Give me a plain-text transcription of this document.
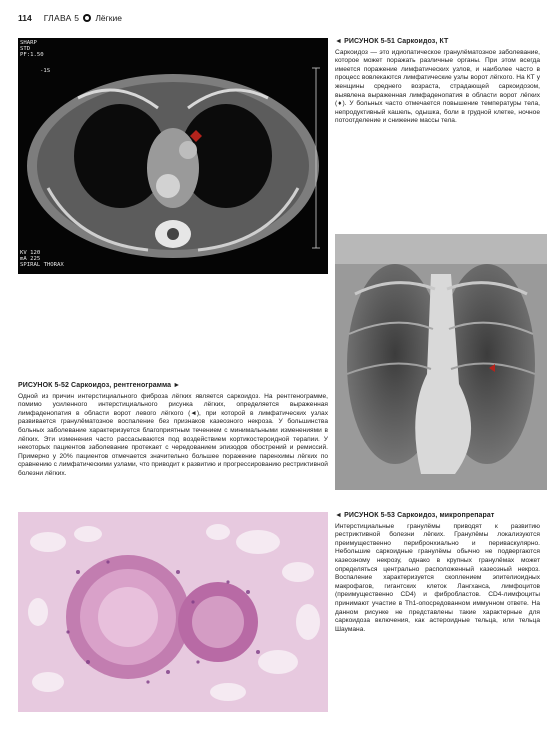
114 ГЛАВА 5 Лёгкие
SHARP
STD
PF:1.50
-1S
KV 120
mA 225
SPIRAL THORAX
◄ РИСУНОК 5-51 Саркоидоз, КТ

Саркоидоз — это идиопатическое гранулёматозное заболевание, которое может поражать различные органы. При этом всегда имеется поражение лимфатических узлов, и наиболее часто в процесс вовлекаются лимфатические узлы ворот лёгкого. На КТ у женщины среднего возраста, страдающей саркоидозом, выявлена выраженная лимфаденопатия в области ворот лёгких (♦). У больных часто отмечается повышение температуры тела, непродуктивный кашель, одышка, боли в грудной клетке, ночное потоотделение и снижение массы тела.

РИСУНОК 5-52 Саркоидоз, рентгенограмма ►

Одной из причин интерстициального фиброза лёгких является саркоидоз. На рентгенограмме, помимо усиленного интерстициального рисунка лёгких, определяется выраженная лимфаденопатия в области ворот левого лёгкого (◄), при которой в лимфатических узлах развивается гранулёматозное воспаление без признаков казеозного некроза. У большинства больных заболевание характеризуется благоприятным течением с минимальными изменениями в лёгких. Эти изменения часто рассасываются под воздействием кортикостероидной терапии. У некоторых пациентов заболевание протекает с чередованием эпизодов обострений и ремиссий. Примерно у 20% пациентов отмечается значительно большее поражение паренхимы лёгких по сравнению с лимфатическими узлами, что приводит к развитию и прогрессированию рестриктивной болезни лёгких.

◄ РИСУНОК 5-53 Саркоидоз, микропрепарат

Интерстициальные гранулёмы приводят к развитию рестриктивной болезни лёгких. Гранулёмы локализуются преимущественно перибронхиально и периваскулярно. Небольшие саркоидные гранулёмы обычно не подвергаются казеозному некрозу, однако в крупных гранулёмах может определяться центрально расположенный казеозный некроз. Воспаление характеризуется скоплением эпителиоидных макрофагов, гигантских клеток Лангханса, лимфоцитов (преимущественно CD4) и фибробластов. CD4-лимфоциты принимают участие в Th1-опосредованном иммунном ответе. На данном рисунке не представлены такие характерные для саркоидоза включения, как астероидные тельца, или тельца Шаумана.
